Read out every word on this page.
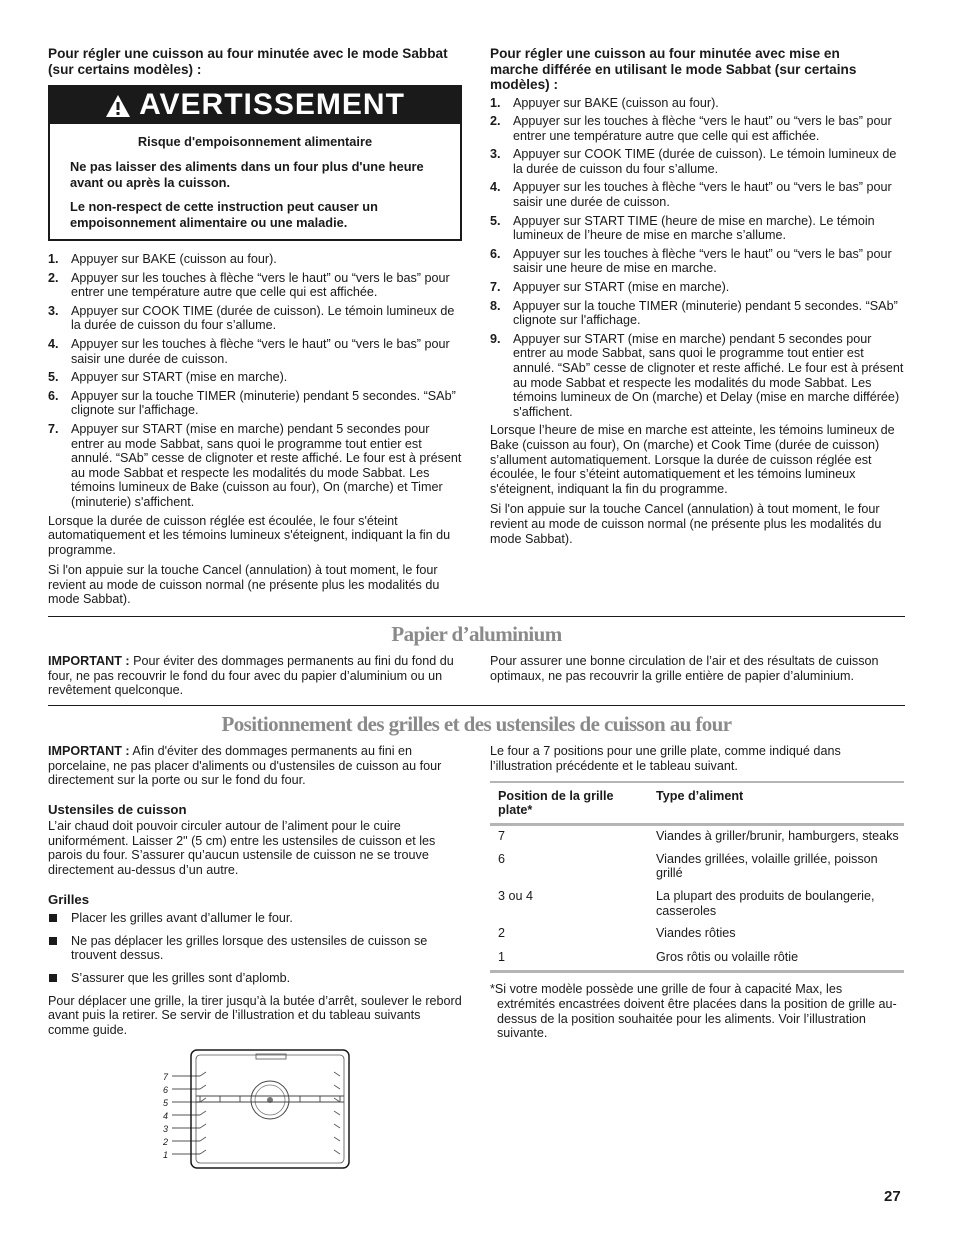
Pour régler une cuisson au four minutée avec le mode Sabbat (sur certains modèles) :

AVERTISSEMENT

Risque d'empoisonnement alimentaire

Ne pas laisser des aliments dans un four plus d'une heure avant ou après la cuisson.

Le non-respect de cette instruction peut causer un empoisonnement alimentaire ou une maladie.

1. Appuyer sur BAKE (cuisson au four).
2. Appuyer sur les touches à flèche “vers le haut” ou “vers le bas” pour entrer une température autre que celle qui est affichée.
3. Appuyer sur COOK TIME (durée de cuisson). Le témoin lumineux de la durée de cuisson du four s’allume.
4. Appuyer sur les touches à flèche “vers le haut” ou “vers le bas” pour saisir une durée de cuisson.
5. Appuyer sur START (mise en marche).
6. Appuyer sur la touche TIMER (minuterie) pendant 5 secondes. “SAb” clignote sur l'affichage.
7. Appuyer sur START (mise en marche) pendant 5 secondes pour entrer au mode Sabbat, sans quoi le programme tout entier est annulé. “SAb” cesse de clignoter et reste affiché. Le four est à présent au mode Sabbat et respecte les modalités du mode Sabbat. Les témoins lumineux de Bake (cuisson au four), On (marche) et Timer (minuterie) s'affichent.

Lorsque la durée de cuisson réglée est écoulée, le four s'éteint automatiquement et les témoins lumineux s'éteignent, indiquant la fin du programme.

Si l'on appuie sur la touche Cancel (annulation) à tout moment, le four revient au mode de cuisson normal (ne présente plus les modalités du mode Sabbat).

Pour régler une cuisson au four minutée avec mise en marche différée en utilisant le mode Sabbat (sur certains modèles) :

1. Appuyer sur BAKE (cuisson au four).
2. Appuyer sur les touches à flèche “vers le haut” ou “vers le bas” pour entrer une température autre que celle qui est affichée.
3. Appuyer sur COOK TIME (durée de cuisson). Le témoin lumineux de la durée de cuisson du four s’allume.
4. Appuyer sur les touches à flèche “vers le haut” ou “vers le bas” pour saisir une durée de cuisson.
5. Appuyer sur START TIME (heure de mise en marche). Le témoin lumineux de l’heure de mise en marche s’allume.
6. Appuyer sur les touches à flèche “vers le haut” ou “vers le bas” pour saisir une heure de mise en marche.
7. Appuyer sur START (mise en marche).
8. Appuyer sur la touche TIMER (minuterie) pendant 5 secondes. “SAb” clignote sur l'affichage.
9. Appuyer sur START (mise en marche) pendant 5 secondes pour entrer au mode Sabbat, sans quoi le programme tout entier est annulé. “SAb” cesse de clignoter et reste affiché. Le four est à présent au mode Sabbat et respecte les modalités du mode Sabbat. Les témoins lumineux de On (marche) et Delay (mise en marche différée) s'affichent.

Lorsque l’heure de mise en marche est atteinte, les témoins lumineux de Bake (cuisson au four), On (marche) et Cook Time (durée de cuisson) s’allument automatiquement. Lorsque la durée de cuisson réglée est écoulée, le four s’éteint automatiquement et les témoins lumineux s'éteignent, indiquant la fin du programme.

Si l'on appuie sur la touche Cancel (annulation) à tout moment, le four revient au mode de cuisson normal (ne présente plus les modalités du mode Sabbat).

Papier d’aluminium

IMPORTANT : Pour éviter des dommages permanents au fini du fond du four, ne pas recouvrir le fond du four avec du papier d’aluminium ou un revêtement quelconque.

Pour assurer une bonne circulation de l’air et des résultats de cuisson optimaux, ne pas recouvrir la grille entière de papier d’aluminium.

Positionnement des grilles et des ustensiles de cuisson au four

IMPORTANT : Afin d'éviter des dommages permanents au fini en porcelaine, ne pas placer d'aliments ou d'ustensiles de cuisson au four directement sur la porte ou sur le fond du four.

Ustensiles de cuisson

L’air chaud doit pouvoir circuler autour de l’aliment pour le cuire uniformément. Laisser 2" (5 cm) entre les ustensiles de cuisson et les parois du four. S’assurer qu’aucun ustensile de cuisson ne se trouve directement au-dessus d’un autre.

Grilles

Placer les grilles avant d’allumer le four.
Ne pas déplacer les grilles lorsque des ustensiles de cuisson se trouvent dessus.
S’assurer que les grilles sont d’aplomb.

Pour déplacer une grille, la tirer jusqu’à la butée d’arrêt, soulever le rebord avant puis la retirer. Se servir de l’illustration et du tableau suivants comme guide.

7
6
5
4
3
2
1

Le four a 7 positions pour une grille plate, comme indiqué dans l’illustration précédente et le tableau suivant.

Position de la grille plate*	Type d’aliment
7	Viandes à griller/brunir, hamburgers, steaks
6	Viandes grillées, volaille grillée, poisson grillé
3 ou 4	La plupart des produits de boulangerie, casseroles
2	Viandes rôties
1	Gros rôtis ou volaille rôtie

*Si votre modèle possède une grille de four à capacité Max, les extrémités encastrées doivent être placées dans la position de grille au-dessus de la position souhaitée pour les aliments. Voir l’illustration suivante.

27
